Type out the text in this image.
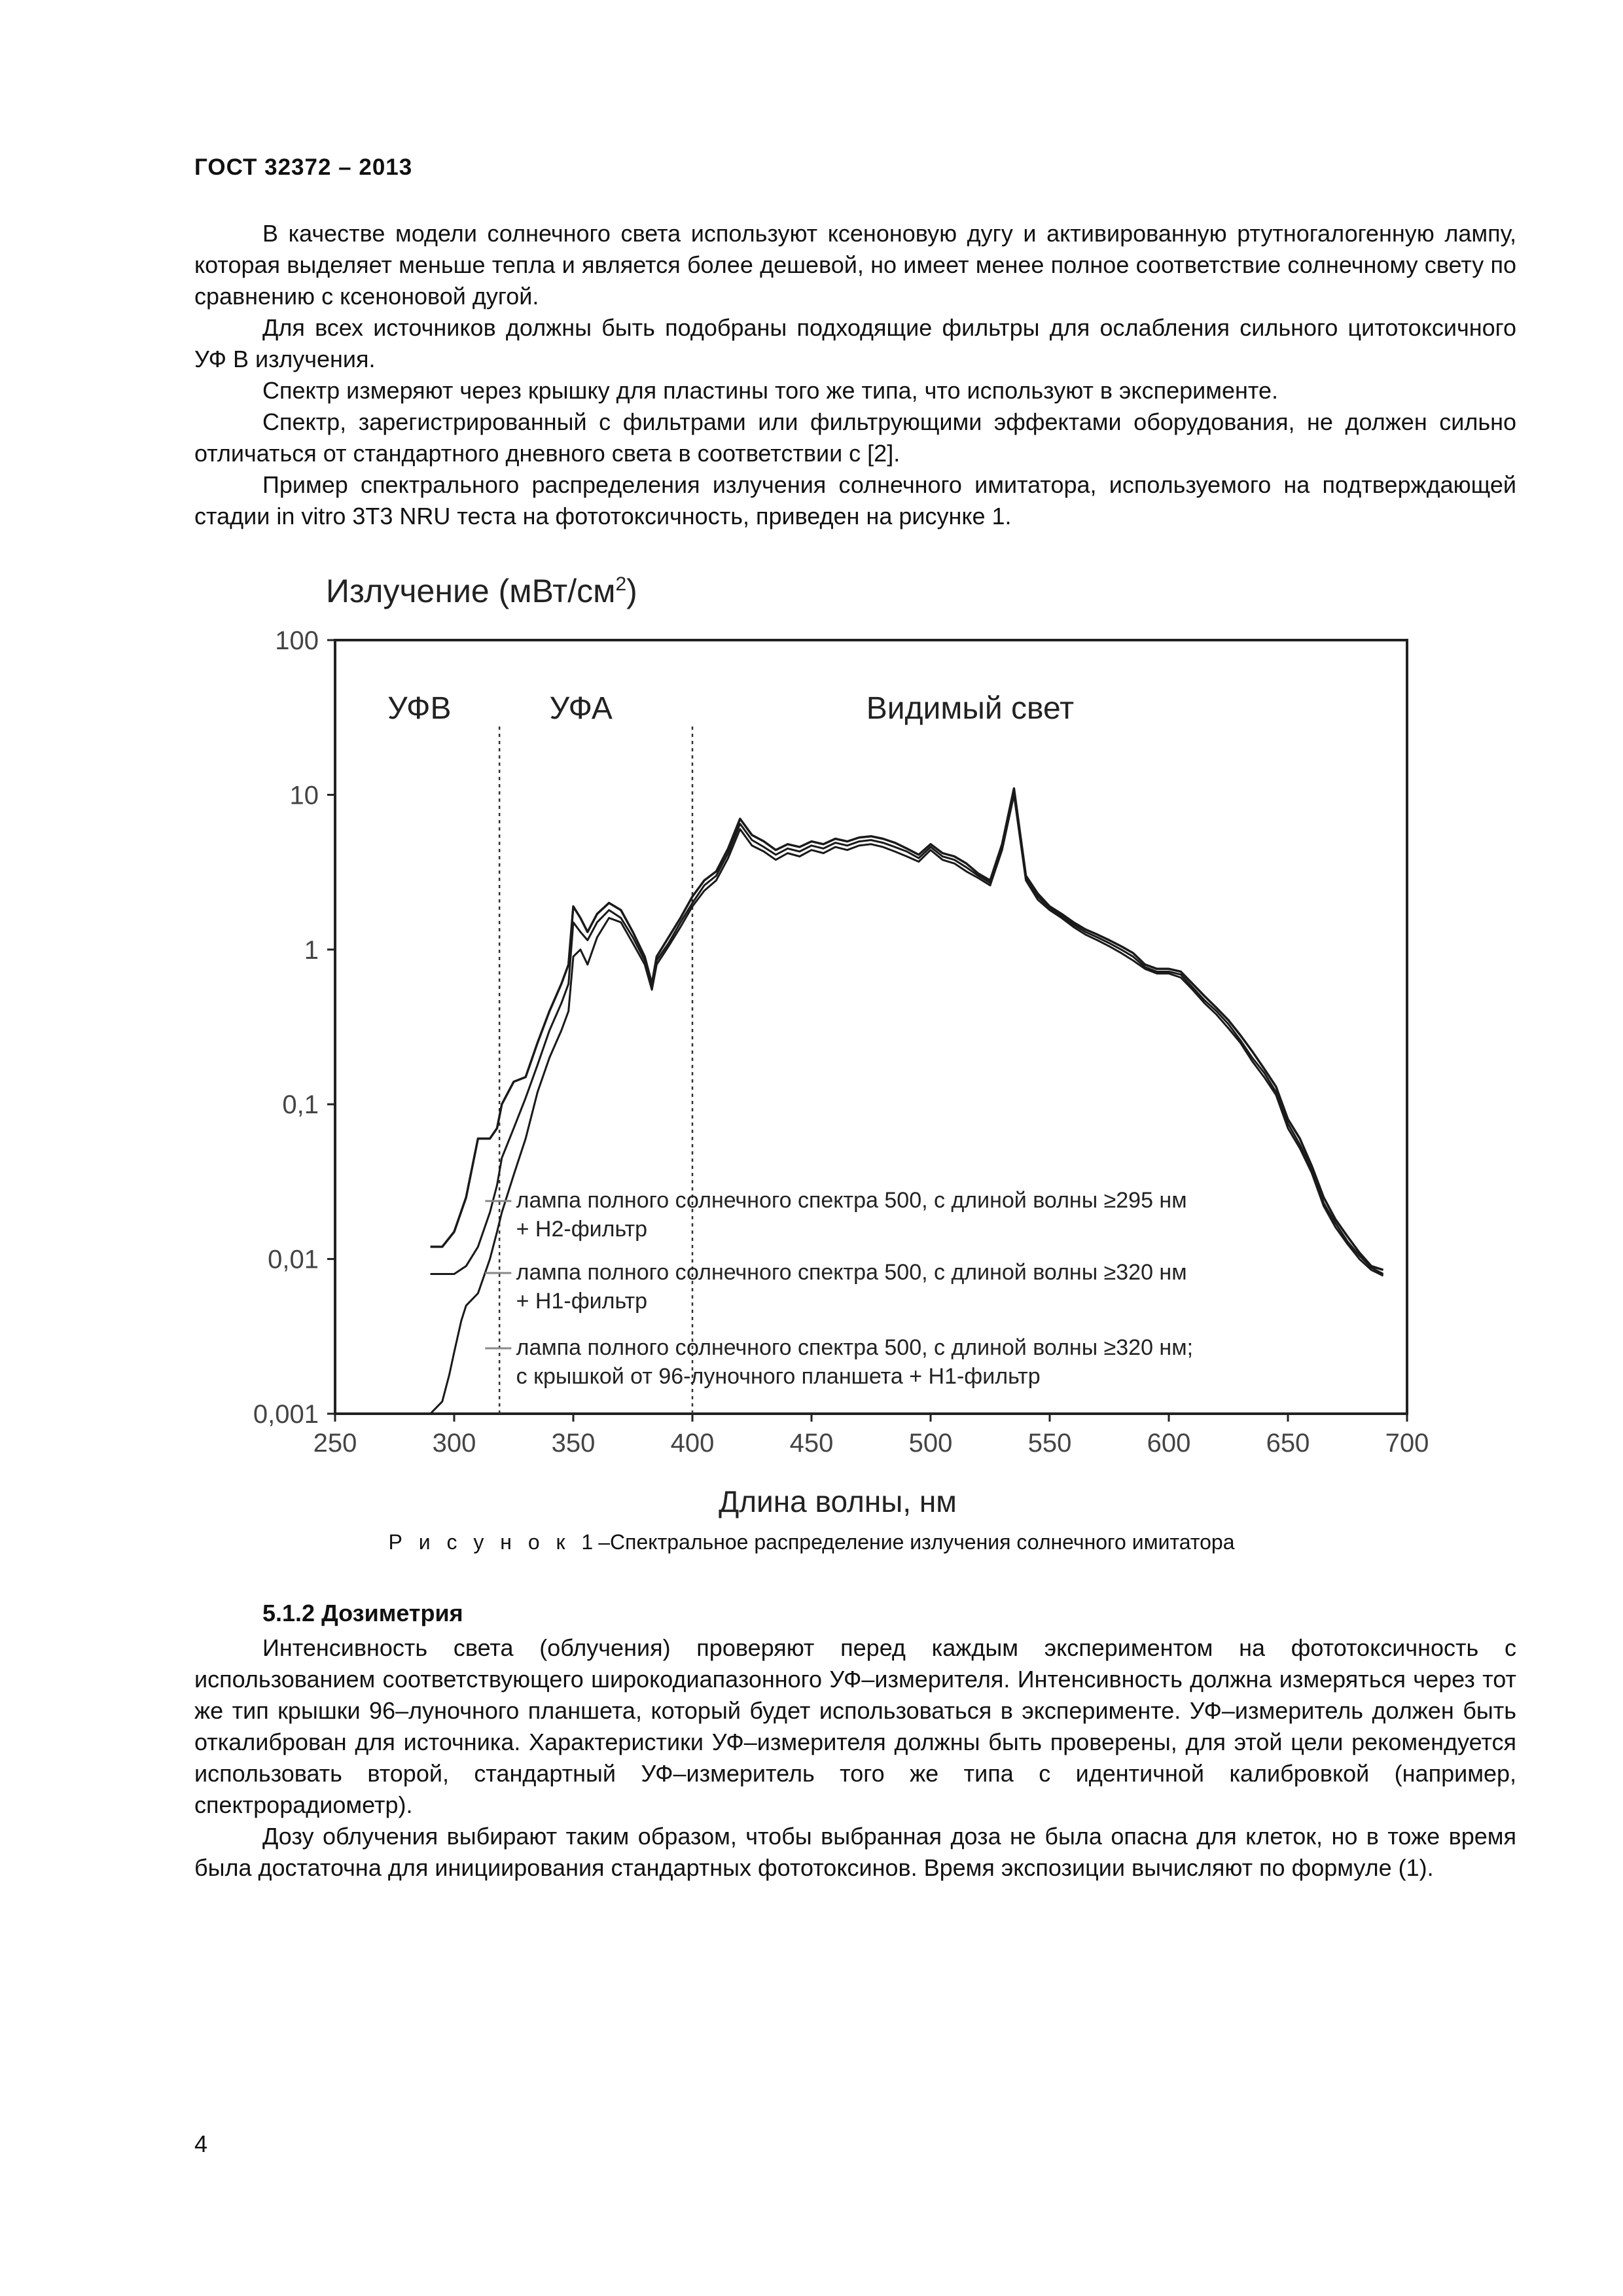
ГОСТ 32372 – 2013

В качестве модели солнечного света используют ксеноновую дугу и активированную ртутногалогенную лампу, которая выделяет меньше тепла и является более дешевой, но имеет менее полное соответствие солнечному свету по сравнению с ксеноновой дугой.

Для всех источников должны быть подобраны подходящие фильтры для ослабления сильного цитотоксичного УФ В излучения.

Спектр измеряют через крышку для пластины того же типа, что используют в эксперименте.

Спектр, зарегистрированный с фильтрами или фильтрующими эффектами оборудования, не должен сильно отличаться от стандартного дневного света в соответствии с [2].

Пример спектрального распределения излучения солнечного имитатора, используемого на подтверждающей стадии in vitro 3T3 NRU теста на фототоксичность, приведен на рисунке 1.

Излучение $(мВт/см^2)$
100
10
1
0,1
0,01
0,001
250	300	350	400	450	500	550	600	650	700
УФВ	УФА	Видимый свет
лампа полного солнечного спектра 500, с длиной волны ≥295 нм
+ H2-фильтр
лампа полного солнечного спектра 500, с длиной волны ≥320 нм
+ H1-фильтр
лампа полного солнечного спектра 500, с длиной волны ≥320 нм;
с крышкой от 96-луночного планшета + H1-фильтр
Длина волны, нм
Р и с у н о к 1–Спектральное распределение излучения солнечного имитатора
5.1.2 Дозиметрия

Интенсивность света (облучения) проверяют перед каждым экспериментом на фототоксичность с использованием соответствующего широкодиапазонного УФ–измерителя. Интенсивность должна измеряться через тот же тип крышки 96–луночного планшета, который будет использоваться в эксперименте. УФ–измеритель должен быть откалиброван для источника. Характеристики УФ–измерителя должны быть проверены, для этой цели рекомендуется использовать второй, стандартный УФ–измеритель того же типа с идентичной калибровкой (например, спектрорадиометр).

Дозу облучения выбирают таким образом, чтобы выбранная доза не была опасна для клеток, но в тоже время была достаточна для инициирования стандартных фототоксинов. Время экспозиции вычисляют по формуле (1).

4
